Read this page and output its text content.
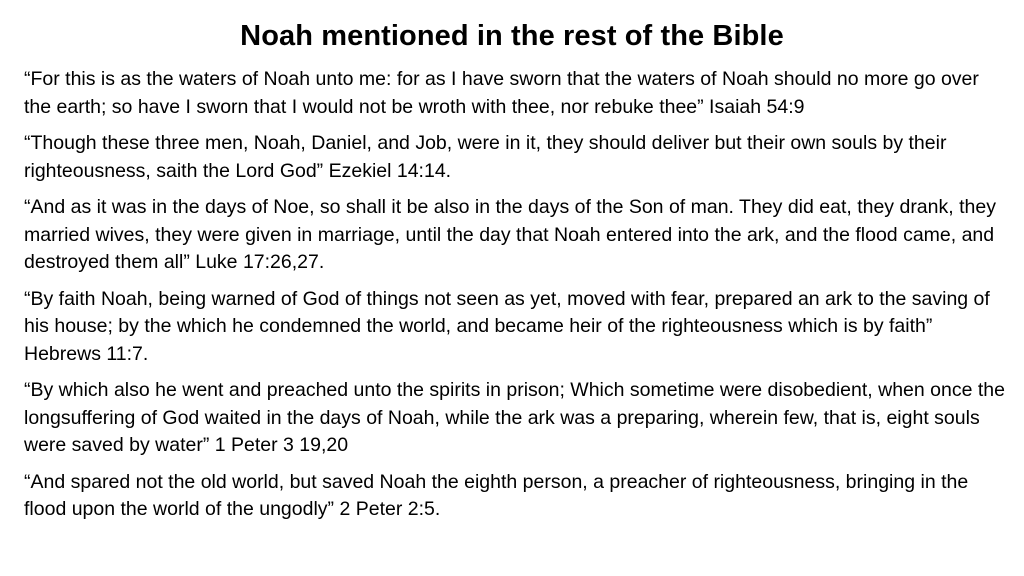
Noah mentioned in the rest of the Bible

“For this is as the waters of Noah unto me: for as I have sworn that the waters of Noah should no more go over the earth; so have I sworn that I would not be wroth with thee, nor rebuke thee” Isaiah 54:9

“Though these three men, Noah, Daniel, and Job, were in it, they should deliver but their own souls by their righteousness, saith the Lord God” Ezekiel 14:14.

“And as it was in the days of Noe, so shall it be also in the days of the Son of man. They did eat, they drank, they married wives, they were given in marriage, until the day that Noah entered into the ark, and the flood came, and destroyed them all” Luke 17:26,27.

“By faith Noah, being warned of God of things not seen as yet, moved with fear, prepared an ark to the saving of his house; by the which he condemned the world, and became heir of the righteousness which is by faith” Hebrews 11:7.

“By which also he went and preached unto the spirits in prison; Which sometime were disobedient, when once the longsuffering of God waited in the days of Noah, while the ark was a preparing, wherein few, that is, eight souls were saved by water” 1 Peter 3 19,20

“And spared not the old world, but saved Noah the eighth person, a preacher of righteousness, bringing in the flood upon the world of the ungodly” 2 Peter 2:5.
